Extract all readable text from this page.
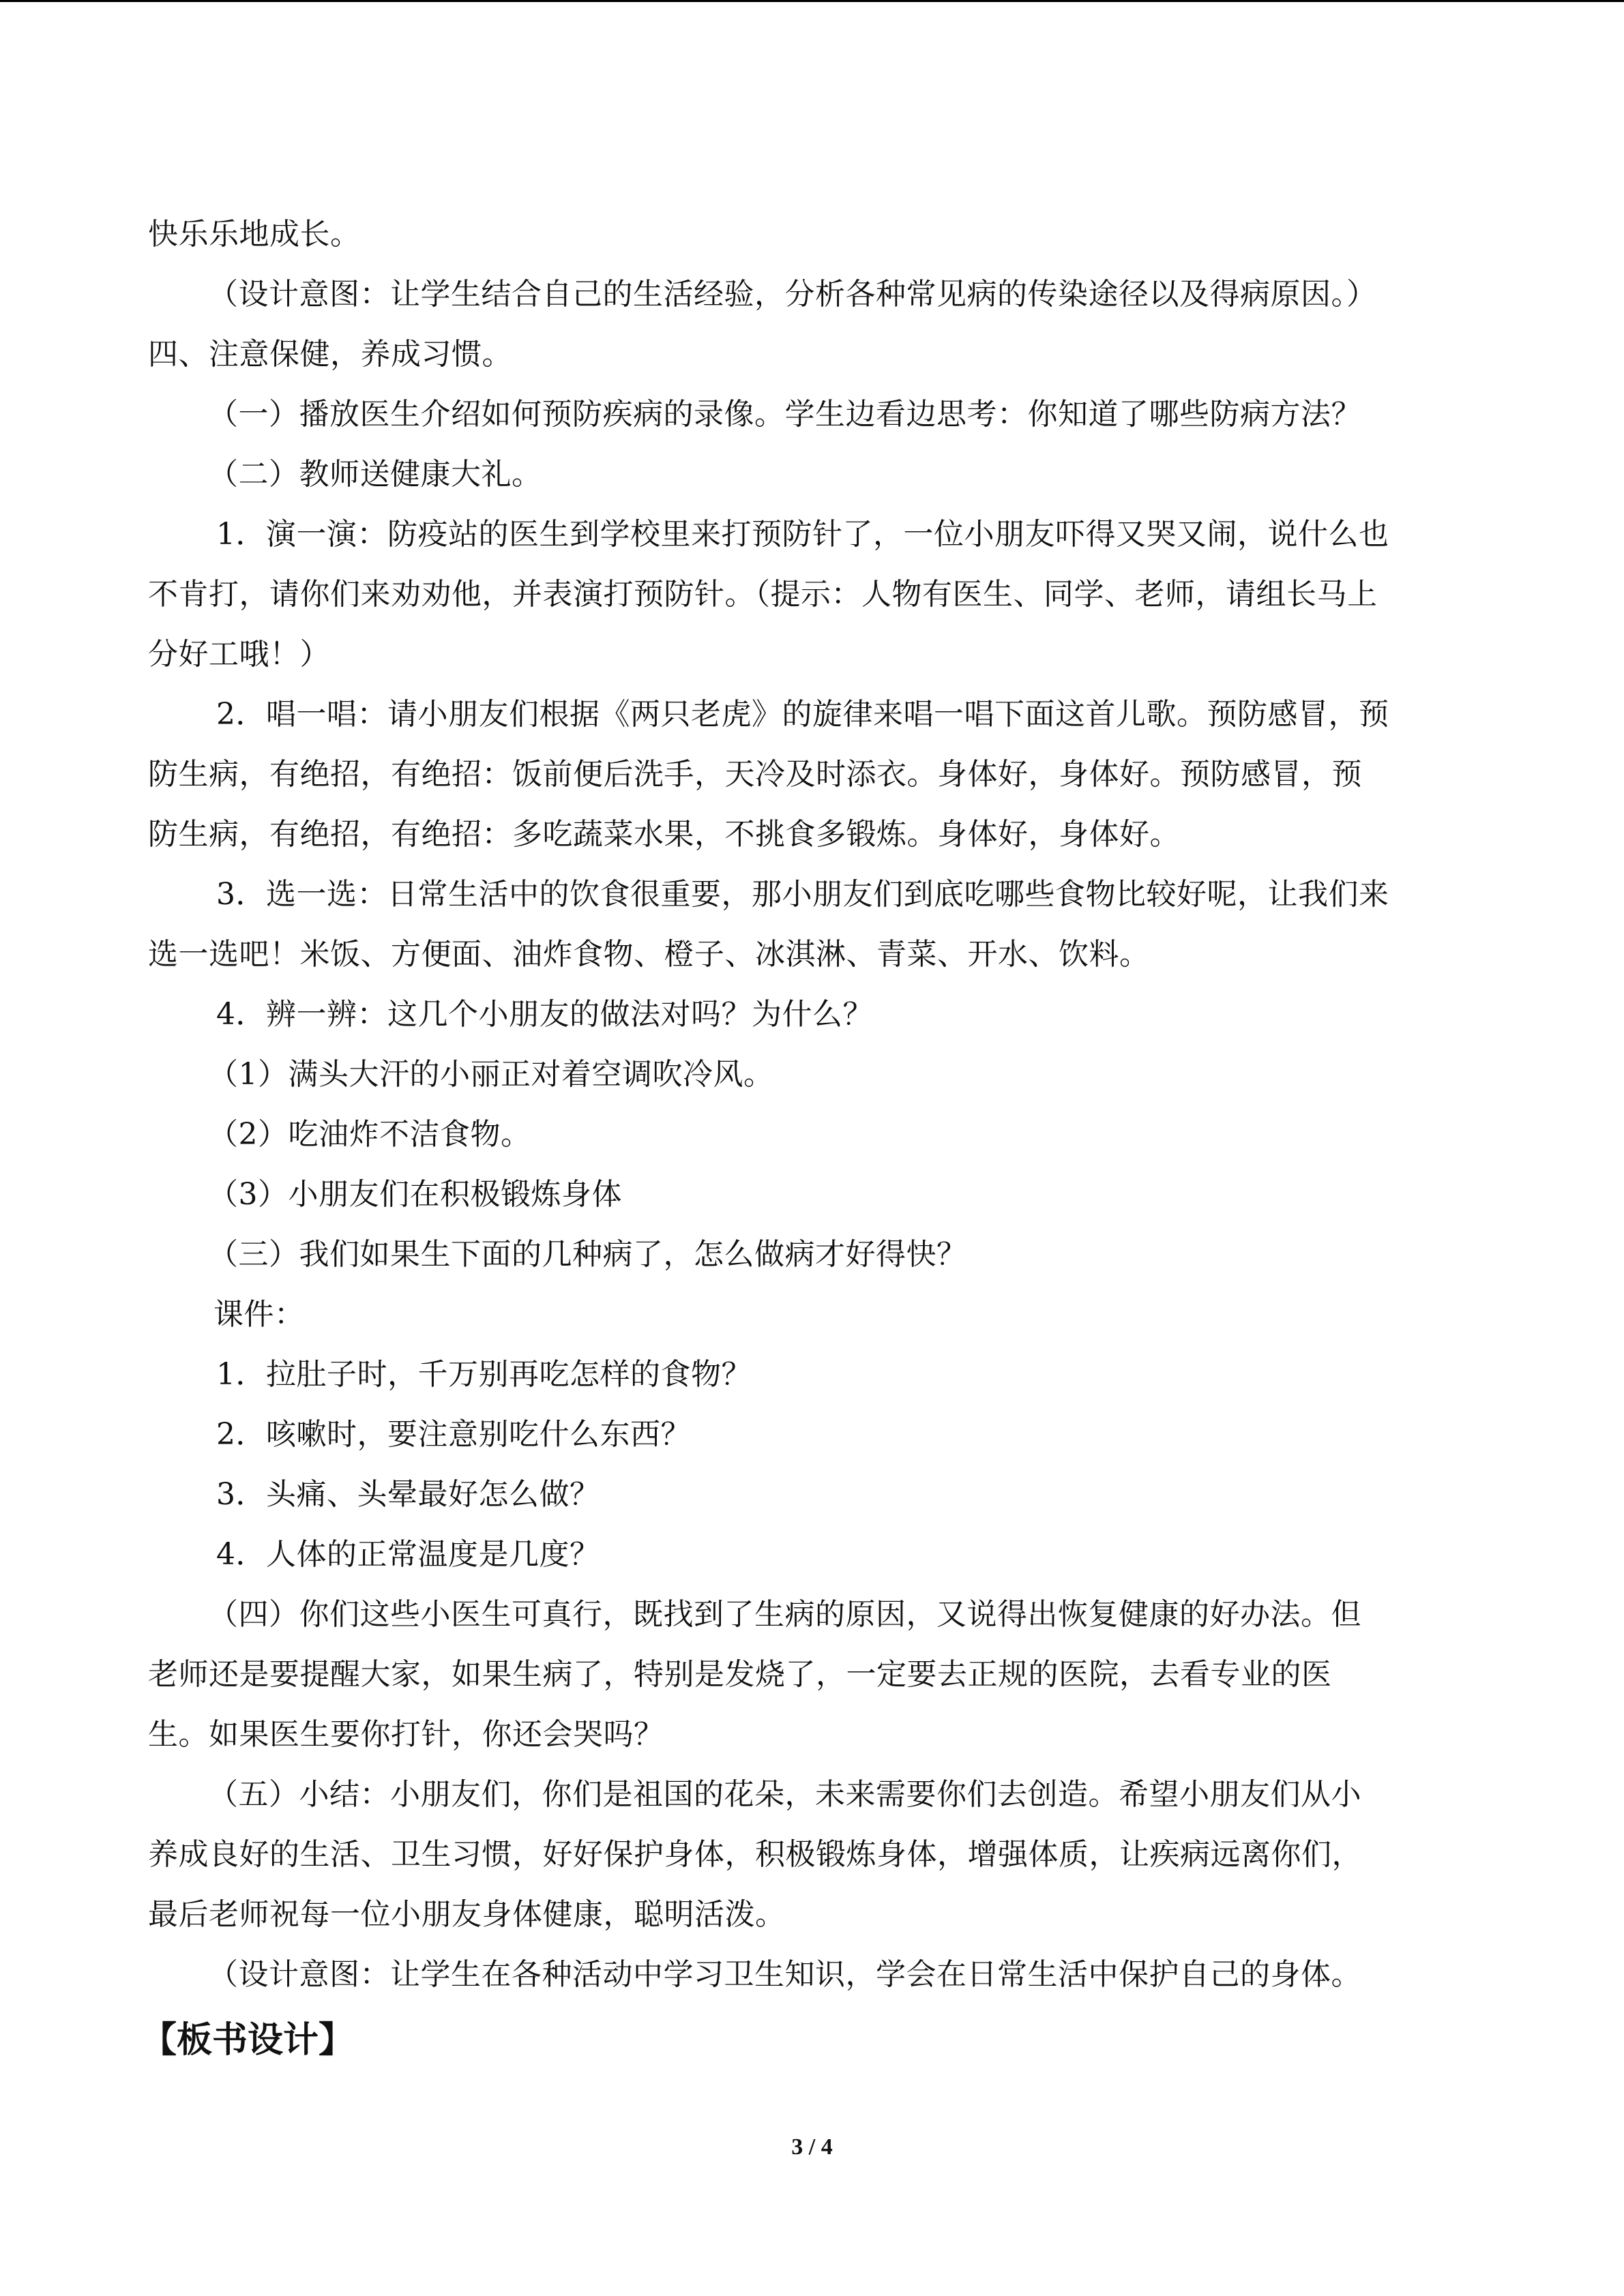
快乐乐地成长。

（设计意图：让学生结合自己的生活经验，分析各种常见病的传染途径以及得病原因。）

四、注意保健，养成习惯。

（一）播放医生介绍如何预防疾病的录像。学生边看边思考：你知道了哪些防病方法？

（二）教师送健康大礼。

1．演一演：防疫站的医生到学校里来打预防针了，一位小朋友吓得又哭又闹，说什么也

不肯打，请你们来劝劝他，并表演打预防针。（提示：人物有医生、同学、老师，请组长马上

分好工哦！）

2．唱一唱：请小朋友们根据《两只老虎》的旋律来唱一唱下面这首儿歌。预防感冒，预

防生病，有绝招，有绝招：饭前便后洗手，天冷及时添衣。身体好，身体好。预防感冒，预

防生病，有绝招，有绝招：多吃蔬菜水果，不挑食多锻炼。身体好，身体好。

3．选一选：日常生活中的饮食很重要，那小朋友们到底吃哪些食物比较好呢，让我们来

选一选吧！米饭、方便面、油炸食物、橙子、冰淇淋、青菜、开水、饮料。

4．辨一辨：这几个小朋友的做法对吗？为什么？

（1）满头大汗的小丽正对着空调吹冷风。

（2）吃油炸不洁食物。

（3）小朋友们在积极锻炼身体

（三）我们如果生下面的几种病了，怎么做病才好得快？

课件：

1．拉肚子时，千万别再吃怎样的食物？

2．咳嗽时，要注意别吃什么东西？

3．头痛、头晕最好怎么做？

4．人体的正常温度是几度？

（四）你们这些小医生可真行，既找到了生病的原因，又说得出恢复健康的好办法。但

老师还是要提醒大家，如果生病了，特别是发烧了，一定要去正规的医院，去看专业的医

生。如果医生要你打针，你还会哭吗？

（五）小结：小朋友们，你们是祖国的花朵，未来需要你们去创造。希望小朋友们从小

养成良好的生活、卫生习惯，好好保护身体，积极锻炼身体，增强体质，让疾病远离你们，

最后老师祝每一位小朋友身体健康，聪明活泼。

（设计意图：让学生在各种活动中学习卫生知识，学会在日常生活中保护自己的身体。

【板书设计】
3 / 4
